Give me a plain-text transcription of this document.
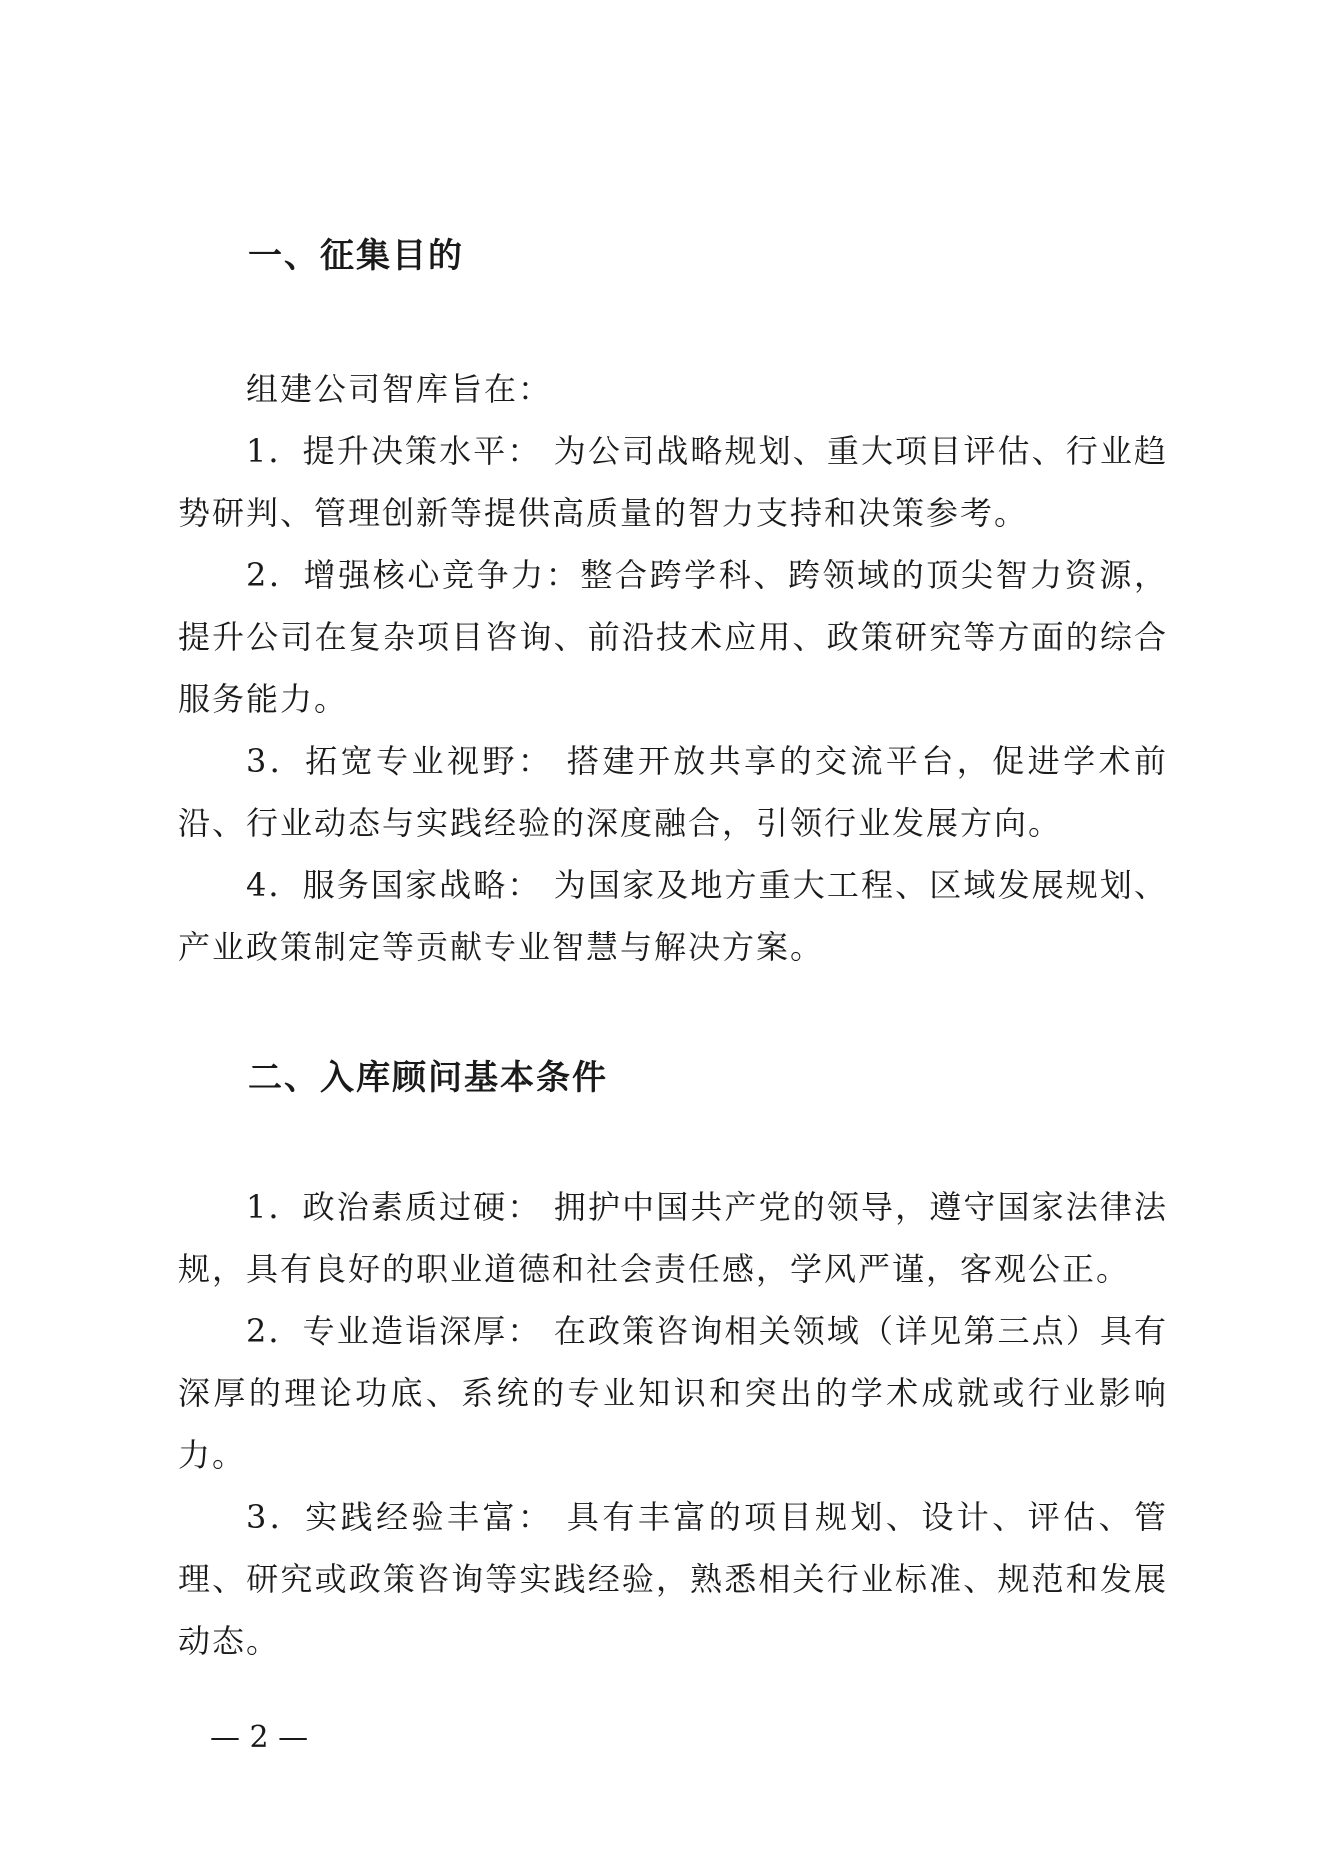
一、征集目的

组建公司智库旨在：

1．提升决策水平： 为公司战略规划、重大项目评估、行业趋势研判、管理创新等提供高质量的智力支持和决策参考。

2．增强核心竞争力：整合跨学科、跨领域的顶尖智力资源，提升公司在复杂项目咨询、前沿技术应用、政策研究等方面的综合服务能力。

3．拓宽专业视野： 搭建开放共享的交流平台，促进学术前沿、行业动态与实践经验的深度融合，引领行业发展方向。

4．服务国家战略： 为国家及地方重大工程、区域发展规划、产业政策制定等贡献专业智慧与解决方案。

二、入库顾问基本条件

1．政治素质过硬： 拥护中国共产党的领导，遵守国家法律法规，具有良好的职业道德和社会责任感，学风严谨，客观公正。

2．专业造诣深厚： 在政策咨询相关领域（详见第三点）具有深厚的理论功底、系统的专业知识和突出的学术成就或行业影响力。

3．实践经验丰富： 具有丰富的项目规划、设计、评估、管理、研究或政策咨询等实践经验，熟悉相关行业标准、规范和发展动态。

— 2 —
